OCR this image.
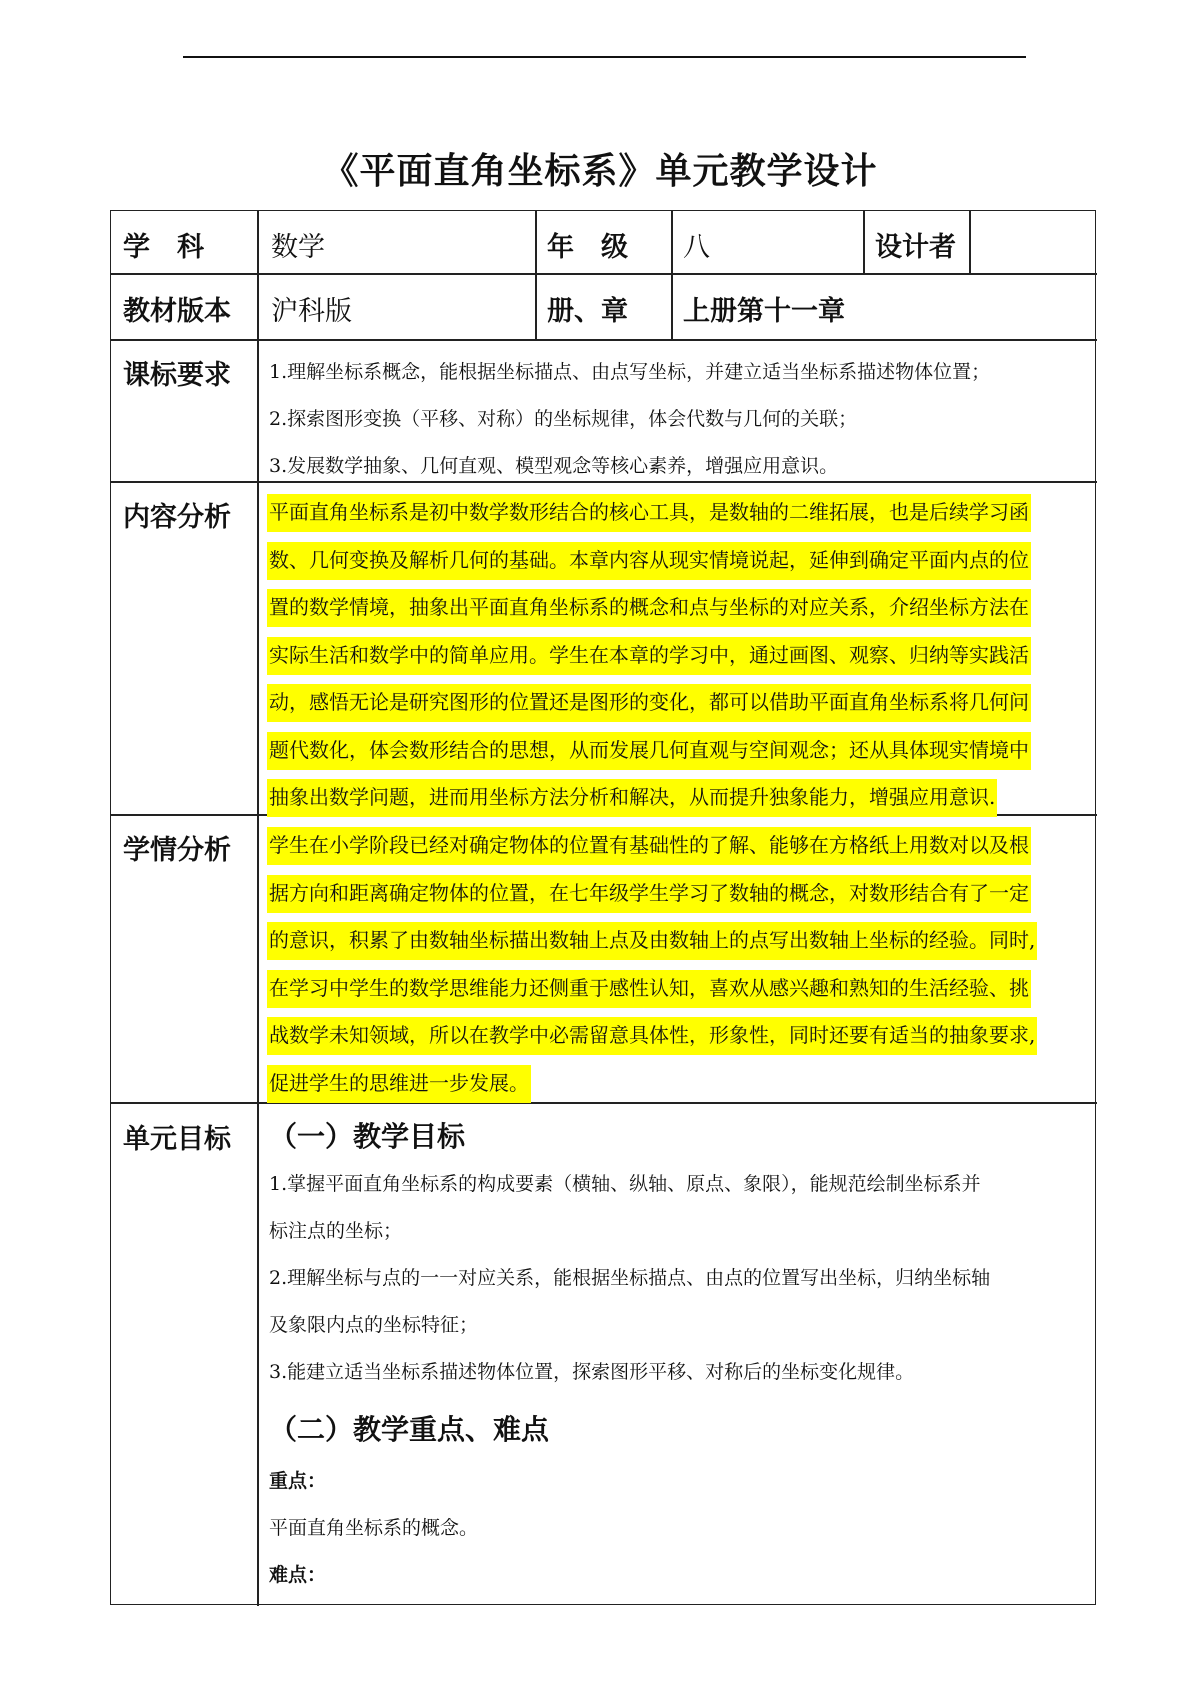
《平面直角坐标系》单元教学设计
学　科	数学	年　级	八	设计者
教材版本	沪科版	册、章	上册第十一章
课标要求	1.理解坐标系概念，能根据坐标描点、由点写坐标，并建立适当坐标系描述物体位置；
2.探索图形变换（平移、对称）的坐标规律，体会代数与几何的关联；
3.发展数学抽象、几何直观、模型观念等核心素养，增强应用意识。
内容分析	平面直角坐标系是初中数学数形结合的核心工具，是数轴的二维拓展，也是后续学习函
数、几何变换及解析几何的基础。本章内容从现实情境说起，延伸到确定平面内点的位
置的数学情境，抽象出平面直角坐标系的概念和点与坐标的对应关系，介绍坐标方法在
实际生活和数学中的简单应用。学生在本章的学习中，通过画图、观察、归纳等实践活
动，感悟无论是研究图形的位置还是图形的变化，都可以借助平面直角坐标系将几何问
题代数化，体会数形结合的思想，从而发展几何直观与空间观念；还从具体现实情境中
抽象出数学问题，进而用坐标方法分析和解决，从而提升独象能力，增强应用意识.
学情分析	学生在小学阶段已经对确定物体的位置有基础性的了解、能够在方格纸上用数对以及根
据方向和距离确定物体的位置，在七年级学生学习了数轴的概念，对数形结合有了一定
的意识，积累了由数轴坐标描出数轴上点及由数轴上的点写出数轴上坐标的经验。同时,
在学习中学生的数学思维能力还侧重于感性认知，喜欢从感兴趣和熟知的生活经验、挑
战数学未知领域，所以在教学中必需留意具体性，形象性，同时还要有适当的抽象要求,
促进学生的思维进一步发展。
单元目标	（一）教学目标
1.掌握平面直角坐标系的构成要素（横轴、纵轴、原点、象限），能规范绘制坐标系并
标注点的坐标；
2.理解坐标与点的一一对应关系，能根据坐标描点、由点的位置写出坐标，归纳坐标轴
及象限内点的坐标特征；
3.能建立适当坐标系描述物体位置，探索图形平移、对称后的坐标变化规律。
（二）教学重点、难点
重点：
平面直角坐标系的概念。
难点：
